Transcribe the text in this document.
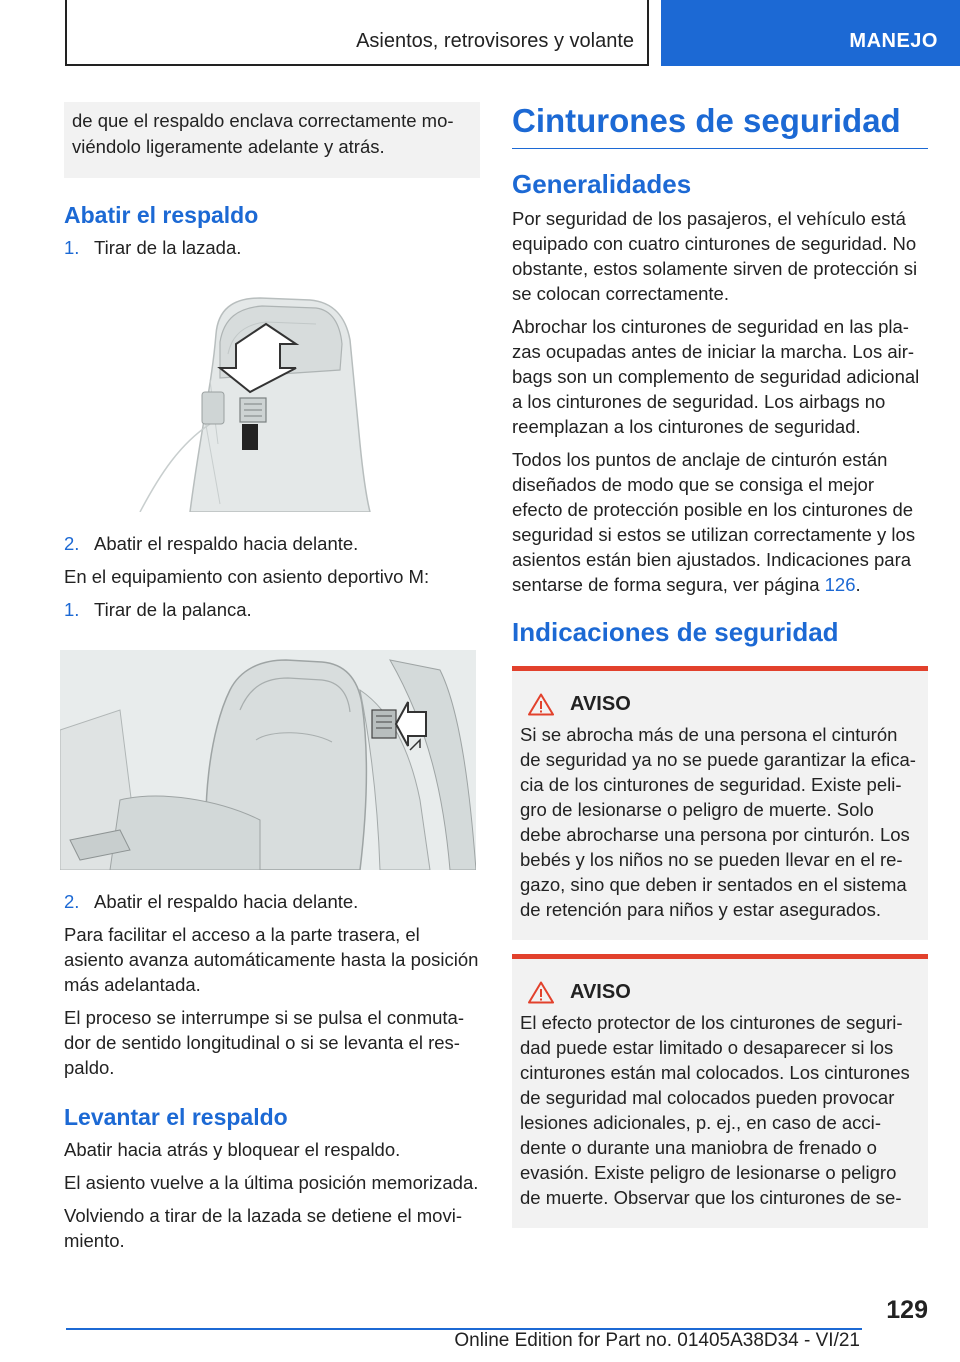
Asientos, retrovisores y volante	MANEJO
de que el respaldo enclava correctamente moviéndolo ligeramente adelante y atrás.
Abatir el respaldo
1. Tirar de la lazada.
2. Abatir el respaldo hacia delante.

En el equipamiento con asiento deportivo M:

1. Tirar de la palanca.
2. Abatir el respaldo hacia delante.

Para facilitar el acceso a la parte trasera, el asiento avanza automáticamente hasta la posición más adelantada.

El proceso se interrumpe si se pulsa el conmutador de sentido longitudinal o si se levanta el respaldo.

Levantar el respaldo

Abatir hacia atrás y bloquear el respaldo.

El asiento vuelve a la última posición memorizada.

Volviendo a tirar de la lazada se detiene el movimiento.

Cinturones de seguridad
Generalidades

Por seguridad de los pasajeros, el vehículo está equipado con cuatro cinturones de seguridad. No obstante, estos solamente sirven de protección si se colocan correctamente.

Abrochar los cinturones de seguridad en las plazas ocupadas antes de iniciar la marcha. Los airbags son un complemento de seguridad adicional a los cinturones de seguridad. Los airbags no reemplazan a los cinturones de seguridad.

Todos los puntos de anclaje de cinturón están diseñados de modo que se consiga el mejor efecto de protección posible en los cinturones de seguridad si estos se utilizan correctamente y los asientos están bien ajustados. Indicaciones para sentarse de forma segura, ver página 126.

Indicaciones de seguridad
AVISO

Si se abrocha más de una persona el cinturón de seguridad ya no se puede garantizar la eficacia de los cinturones de seguridad. Existe peligro de lesionarse o peligro de muerte. Solo debe abrocharse una persona por cinturón. Los bebés y los niños no se pueden llevar en el regazo, sino que deben ir sentados en el sistema de retención para niños y estar asegurados.

AVISO

El efecto protector de los cinturones de seguridad puede estar limitado o desaparecer si los cinturones están mal colocados. Los cinturones de seguridad mal colocados pueden provocar lesiones adicionales, p. ej., en caso de accidente o durante una maniobra de frenado o evasión. Existe peligro de lesionarse o peligro de muerte. Observar que los cinturones de se-

129
Online Edition for Part no. 01405A38D34 - VI/21
